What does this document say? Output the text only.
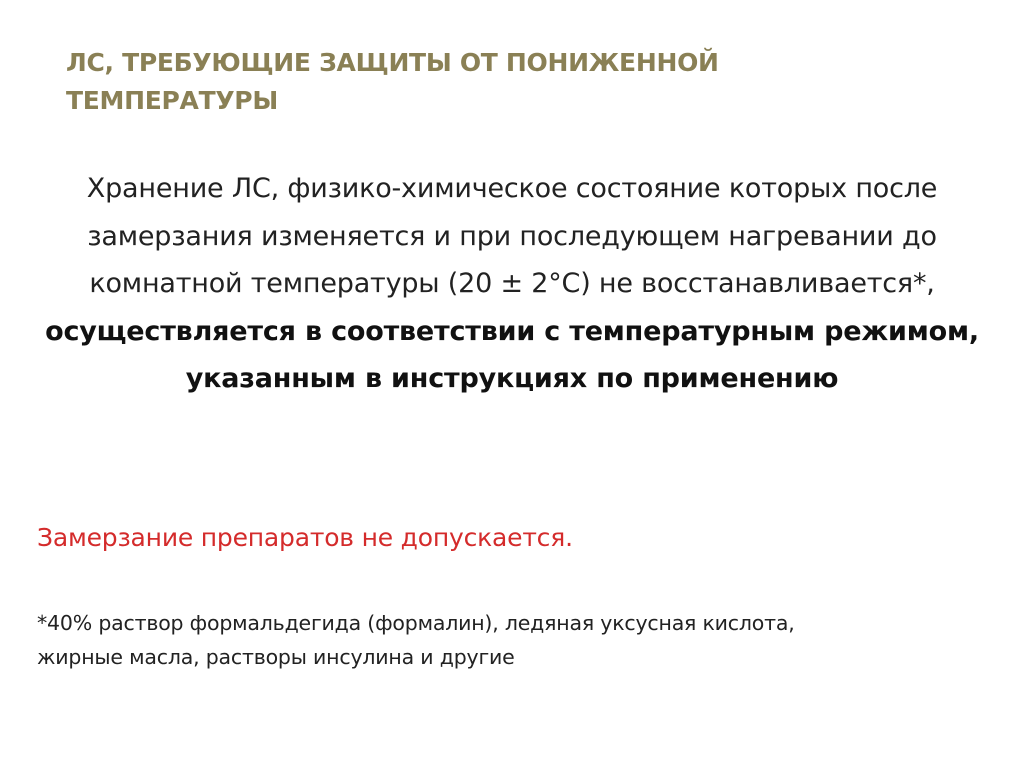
ЛС, ТРЕБУЮЩИЕ ЗАЩИТЫ ОТ ПОНИЖЕННОЙ
ТЕМПЕРАТУРЫ

Хранение ЛС, физико-химическое состояние которых после замерзания изменяется и при последующем нагревании до комнатной температуры (20 ± 2°С) не восстанавливается*, осуществляется в соответствии с температурным режимом, указанным в инструкциях по применению

Замерзание препаратов не допускается.

*40% раствор формальдегида (формалин), ледяная уксусная кислота,
жирные масла, растворы инсулина и другие
